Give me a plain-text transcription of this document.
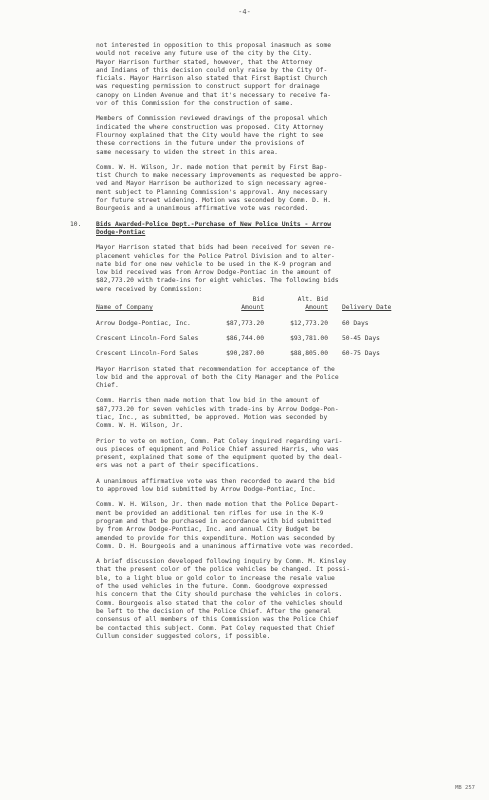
-4-

not interested in opposition to this proposal inasmuch as some

would not receive any future use of the city by the City.

Mayor Harrison further stated, however, that the Attorney

and Indians of this decision could only raise by the City Of-

ficials. Mayor Harrison also stated that First Baptist Church

was requesting permission to construct support for drainage

canopy on Linden Avenue and that it's necessary to receive fa-

vor of this Commission for the construction of same.

Members of Commission reviewed drawings of the proposal which

indicated the where construction was proposed. City Attorney

Flournoy explained that the City would have the right to see

these corrections in the future under the provisions of

same necessary to widen the street in this area.

Comm. W. H. Wilson, Jr. made motion that permit by First Bap-

tist Church to make necessary improvements as requested be appro-

ved and Mayor Harrison be authorized to sign necessary agree-

ment subject to Planning Commission's approval. Any necessary

for future street widening. Motion was seconded by Comm. D. H.

Bourgeois and a unanimous affirmative vote was recorded.

10. Bids Awarded-Police Dept.-Purchase of New Police Units - Arrow

Dodge-Pontiac

Mayor Harrison stated that bids had been received for seven re-

placement vehicles for the Police Patrol Division and to alter-

nate bid for one new vehicle to be used in the K-9 program and

low bid received was from Arrow Dodge-Pontiac in the amount of

$82,773.20 with trade-ins for eight vehicles. The following bids

were received by Commission:

Bid	Alt. Bid
Name of Company	Amount	Amount	Delivery Date
Arrow Dodge-Pontiac, Inc.	$87,773.20	$12,773.20	60 Days
Crescent Lincoln-Ford Sales	$86,744.00	$93,781.00	50-45 Days
Crescent Lincoln-Ford Sales	$90,287.00	$88,805.00	60-75 Days

Mayor Harrison stated that recommendation for acceptance of the

low bid and the approval of both the City Manager and the Police

Chief.

Comm. Harris then made motion that low bid in the amount of

$87,773.20 for seven vehicles with trade-ins by Arrow Dodge-Pon-

tiac, Inc., as submitted, be approved. Motion was seconded by

Comm. W. H. Wilson, Jr.

Prior to vote on motion, Comm. Pat Coley inquired regarding vari-

ous pieces of equipment and Police Chief assured Harris, who was

present, explained that some of the equipment quoted by the deal-

ers was not a part of their specifications.

A unanimous affirmative vote was then recorded to award the bid

to approved low bid submitted by Arrow Dodge-Pontiac, Inc.

Comm. W. H. Wilson, Jr. then made motion that the Police Depart-

ment be provided an additional ten rifles for use in the K-9

program and that be purchased in accordance with bid submitted

by from Arrow Dodge-Pontiac, Inc. and annual City Budget be

amended to provide for this expenditure. Motion was seconded by

Comm. D. H. Bourgeois and a unanimous affirmative vote was recorded.

A brief discussion developed following inquiry by Comm. M. Kinsley

that the present color of the police vehicles be changed. It possi-

ble, to a light blue or gold color to increase the resale value

of the used vehicles in the future. Comm. Goodgrove expressed

his concern that the City should purchase the vehicles in colors.

Comm. Bourgeois also stated that the color of the vehicles should

be left to the decision of the Police Chief. After the general

consensus of all members of this Commission was the Police Chief

be contacted this subject. Comm. Pat Coley requested that Chief

Cullum consider suggested colors, if possible.

MB 257
